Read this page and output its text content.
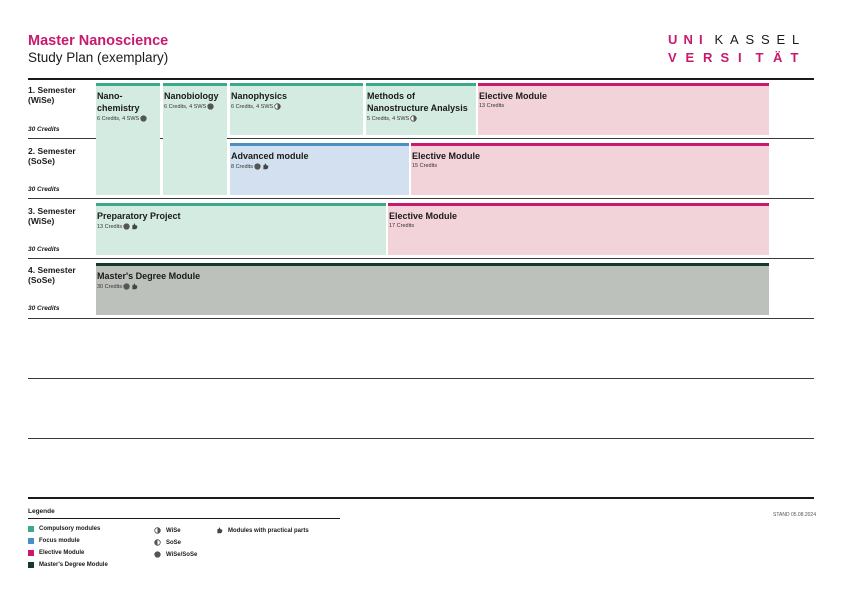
Master Nanoscience
Study Plan (exemplary)
U N I K A S S E L
V E R S I	T Ä T
1. Semester
(WiSe)
30 Credits
2. Semester
(SoSe)
30 Credits
3. Semester
(WiSe)
30 Credits
4. Semester
(SoSe)
30 Credits
Nano-
chemistry
6 Credits, 4 SWS
Nanobiology
6 Credits, 4 SWS
Nanophysics
6 Credits, 4 SWS
Methods of
Nanostructure Analysis
5 Credits, 4 SWS
Elective Module
13 Credits
Advanced module
8 Credits
Elective Module
15 Credits
Preparatory Project
13 Credits
Elective Module
17 Credits
Master's Degree Module
30 Credits
Legende
Compulsory modules
Focus module
Elective Module
Master's Degree Module
WiSe
SoSe
WiSe/SoSe
Modules with practical parts
STAND 05.08.2024
